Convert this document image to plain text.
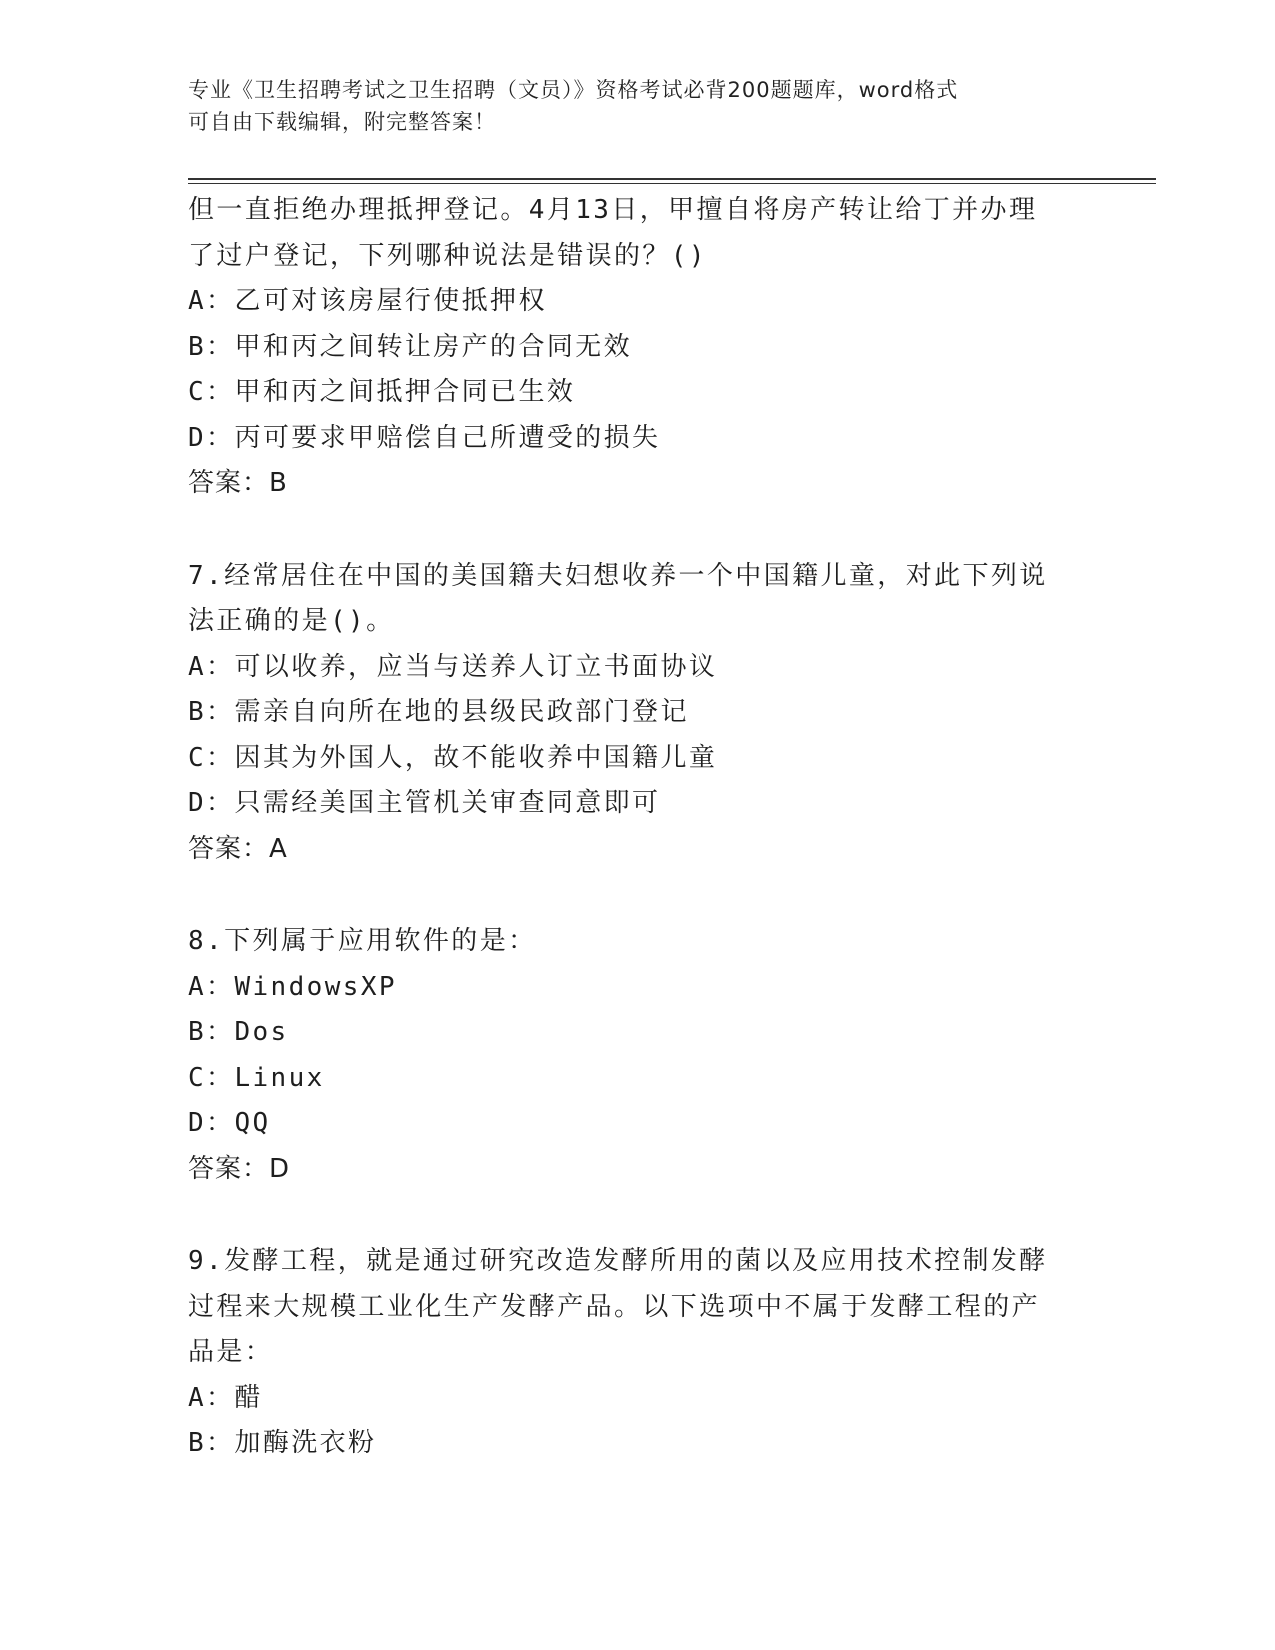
专业《卫生招聘考试之卫生招聘（文员）》资格考试必背200题题库，word格式
可自由下载编辑，附完整答案！
但一直拒绝办理抵押登记。4月13日，甲擅自将房产转让给丁并办理
了过户登记，下列哪种说法是错误的？()
A：乙可对该房屋行使抵押权
B：甲和丙之间转让房产的合同无效
C：甲和丙之间抵押合同已生效
D：丙可要求甲赔偿自己所遭受的损失
答案：B
7.经常居住在中国的美国籍夫妇想收养一个中国籍儿童，对此下列说
法正确的是()。
A：可以收养，应当与送养人订立书面协议
B：需亲自向所在地的县级民政部门登记
C：因其为外国人，故不能收养中国籍儿童
D：只需经美国主管机关审查同意即可
答案：A
8.下列属于应用软件的是：
A：WindowsXP
B：Dos
C：Linux
D：QQ
答案：D
9.发酵工程，就是通过研究改造发酵所用的菌以及应用技术控制发酵
过程来大规模工业化生产发酵产品。以下选项中不属于发酵工程的产
品是：
A：醋
B：加酶洗衣粉
